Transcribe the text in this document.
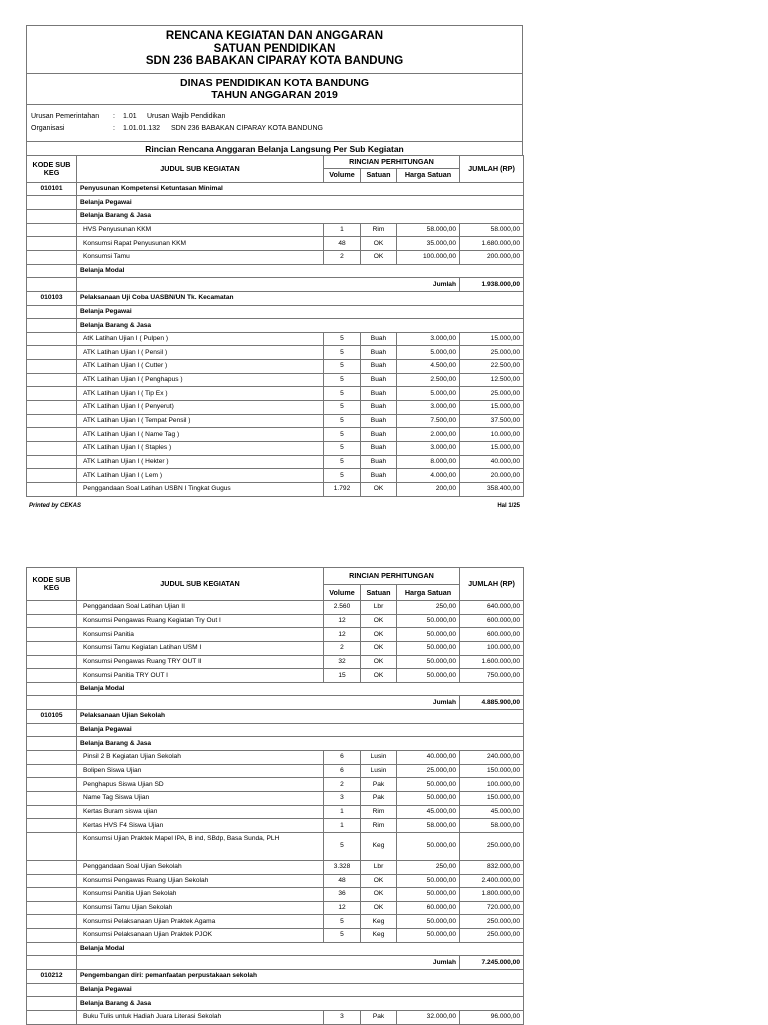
RENCANA KEGIATAN DAN ANGGARAN
SATUAN PENDIDIKAN
SDN 236 BABAKAN CIPARAY KOTA BANDUNG
DINAS PENDIDIKAN KOTA BANDUNG
TAHUN ANGGARAN 2019
Urusan Pemerintahan	:	1.01	Urusan Wajib Pendidikan
Organisasi	:	1.01.01.132	SDN 236 BABAKAN CIPARAY KOTA BANDUNG
Rincian Rencana Anggaran Belanja Langsung Per Sub Kegiatan
KODE SUB KEG	JUDUL SUB KEGIATAN	RINCIAN PERHITUNGAN			JUMLAH (RP)
		Volume	Satuan	Harga Satuan	
010101	Penyusunan Kompetensi Ketuntasan Minimal				
	Belanja Pegawai				
	Belanja Barang & Jasa				
	HVS Penyusunan KKM	1	Rim	58.000,00	58.000,00
	Konsumsi Rapat Penyusunan KKM	48	OK	35.000,00	1.680.000,00
	Konsumsi Tamu	2	OK	100.000,00	200.000,00
	Belanja Modal				
	Jumlah				1.938.000,00
010103	Pelaksanaan Uji Coba UASBN/UN Tk. Kecamatan				
	Belanja Pegawai				
	Belanja Barang & Jasa				
	AtK Latihan Ujian I ( Pulpen )	5	Buah	3.000,00	15.000,00
	ATK Latihan Ujian I ( Pensil )	5	Buah	5.000,00	25.000,00
	ATK Latihan Ujian I ( Cutter )	5	Buah	4.500,00	22.500,00
	ATK Latihan Ujian I ( Penghapus )	5	Buah	2.500,00	12.500,00
	ATK Latihan Ujian I ( Tip Ex )	5	Buah	5.000,00	25.000,00
	ATK Latihan Ujian I ( Penyerut)	5	Buah	3.000,00	15.000,00
	ATK Latihan Ujian I ( Tempat Pensil )	5	Buah	7.500,00	37.500,00
	ATK Latihan Ujian I ( Name Tag )	5	Buah	2.000,00	10.000,00
	ATK Latihan Ujian I ( Staples )	5	Buah	3.000,00	15.000,00
	ATK Latihan Ujian I ( Hekter )	5	Buah	8.000,00	40.000,00
	ATK Latihan Ujian I ( Lem )	5	Buah	4.000,00	20.000,00
	Penggandaan Soal Latihan USBN I Tingkat Gugus	1.792	OK	200,00	358.400,00
Printed by CEKAS	Hal 1/25
KODE SUB KEG	JUDUL SUB KEGIATAN	RINCIAN PERHITUNGAN			JUMLAH (RP)
		Volume	Satuan	Harga Satuan	
	Penggandaan Soal Latihan Ujian II	2.560	Lbr	250,00	640.000,00
	Konsumsi Pengawas Ruang Kegiatan Try Out I	12	OK	50.000,00	600.000,00
	Konsumsi Panitia	12	OK	50.000,00	600.000,00
	Konsumsi Tamu Kegiatan Latihan USM I	2	OK	50.000,00	100.000,00
	Konsumsi Pengawas Ruang TRY OUT II	32	OK	50.000,00	1.600.000,00
	Konsumsi Panitia TRY OUT I	15	OK	50.000,00	750.000,00
	Belanja Modal				
	Jumlah				4.885.900,00
010105	Pelaksanaan Ujian Sekolah				
	Belanja Pegawai				
	Belanja Barang & Jasa				
	Pinsil 2 B Kegiatan Ujian Sekolah	6	Lusin	40.000,00	240.000,00
	Bolipen Siswa Ujian	6	Lusin	25.000,00	150.000,00
	Penghapus Siswa Ujian SD	2	Pak	50.000,00	100.000,00
	Name Tag Siswa Ujian	3	Pak	50.000,00	150.000,00
	Kertas Buram siswa ujian	1	Rim	45.000,00	45.000,00
	Kertas HVS F4 Siswa Ujian	1	Rim	58.000,00	58.000,00
	Konsumsi Ujian Praktek Mapel IPA, B ind, SBdp, Basa Sunda, PLH	5	Keg	50.000,00	250.000,00
	Penggandaan Soal Ujian Sekolah	3.328	Lbr	250,00	832.000,00
	Konsumsi Pengawas Ruang Ujian Sekolah	48	OK	50.000,00	2.400.000,00
	Konsumsi Panitia Ujian Sekolah	36	OK	50.000,00	1.800.000,00
	Konsumsi Tamu Ujian Sekolah	12	OK	60.000,00	720.000,00
	Konsumsi Pelaksanaan Ujian Praktek Agama	5	Keg	50.000,00	250.000,00
	Konsumsi Pelaksanaan Ujian Praktek PJOK	5	Keg	50.000,00	250.000,00
	Belanja Modal				
	Jumlah				7.245.000,00
010212	Pengembangan diri: pemanfaatan perpustakaan sekolah				
	Belanja Pegawai				
	Belanja Barang & Jasa				
	Buku Tulis untuk Hadiah Juara Literasi Sekolah	3	Pak	32.000,00	96.000,00
